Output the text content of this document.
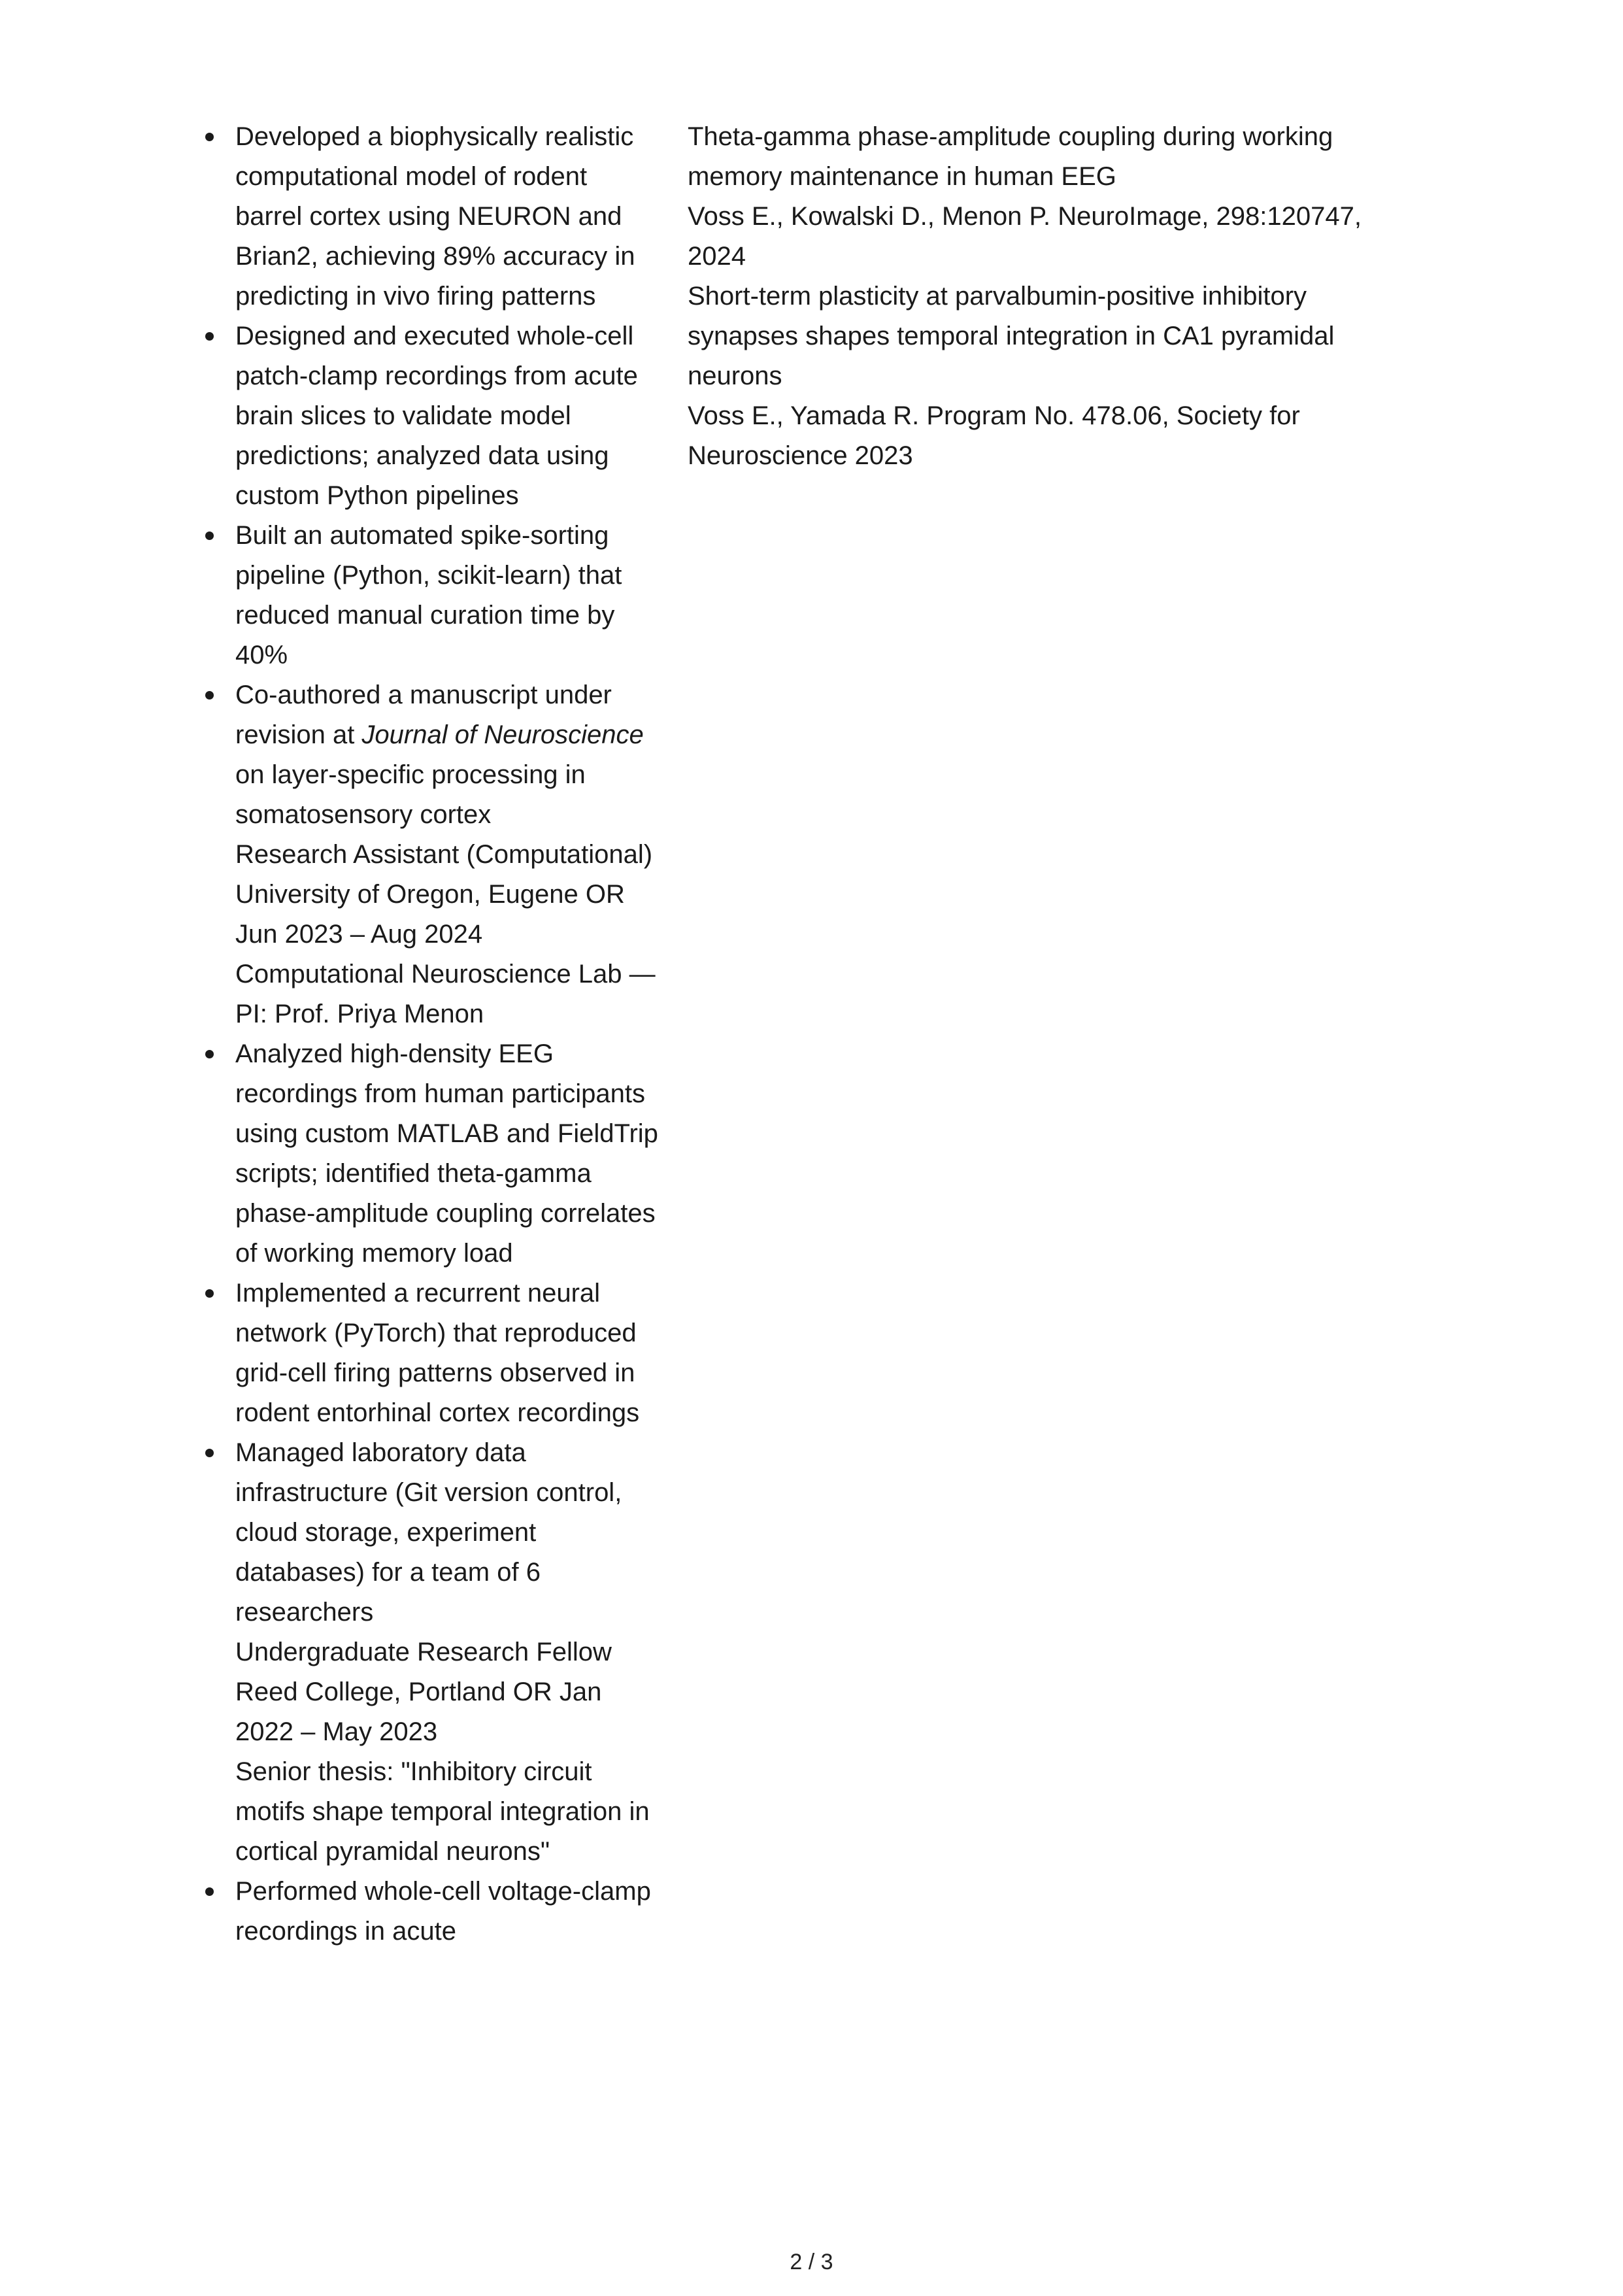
Developed a biophysically realistic computational model of rodent barrel cortex using NEURON and Brian2, achieving 89% accuracy in predicting in vivo firing patterns
Designed and executed whole-cell patch-clamp recordings from acute brain slices to validate model predictions; analyzed data using custom Python pipelines
Built an automated spike-sorting pipeline (Python, scikit-learn) that reduced manual curation time by 40%
Co-authored a manuscript under revision at Journal of Neuroscience on layer-specific processing in somatosensory cortex

Research Assistant (Computational) University of Oregon, Eugene OR Jun 2023 – Aug 2024

Computational Neuroscience Lab — PI: Prof. Priya Menon

Analyzed high-density EEG recordings from human participants using custom MATLAB and FieldTrip scripts; identified theta-gamma phase-amplitude coupling correlates of working memory load
Implemented a recurrent neural network (PyTorch) that reproduced grid-cell firing patterns observed in rodent entorhinal cortex recordings
Managed laboratory data infrastructure (Git version control, cloud storage, experiment databases) for a team of 6 researchers

Undergraduate Research Fellow Reed College, Portland OR Jan 2022 – May 2023

Senior thesis: "Inhibitory circuit motifs shape temporal integration in cortical pyramidal neurons"

Performed whole-cell voltage-clamp recordings in acute

Theta-gamma phase-amplitude coupling during working memory maintenance in human EEG

Voss E., Kowalski D., Menon P. NeuroImage, 298:120747, 2024

Short-term plasticity at parvalbumin-positive inhibitory synapses shapes temporal integration in CA1 pyramidal neurons

Voss E., Yamada R. Program No. 478.06, Society for Neuroscience 2023

2 / 3
